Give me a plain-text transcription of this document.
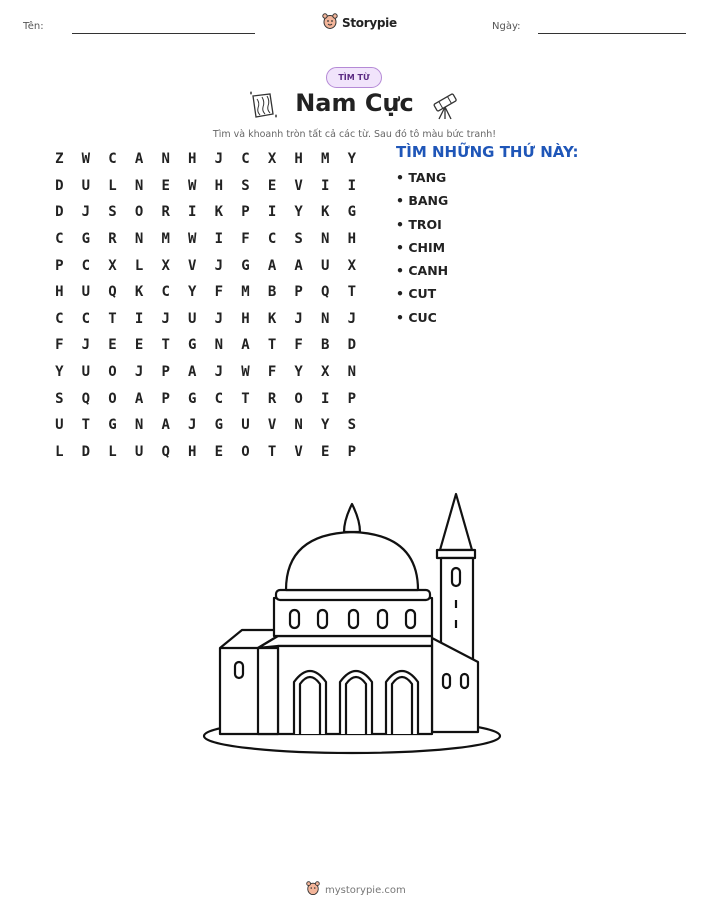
Tên:	Ngày:
Storypie
TÌM TỪ
Nam Cực
Tìm và khoanh tròn tất cả các từ. Sau đó tô màu bức tranh!
Z	W	C	A	N	H	J	C	X	H	M	Y
D	U	L	N	E	W	H	S	E	V	I	I
D	J	S	O	R	I	K	P	I	Y	K	G
C	G	R	N	M	W	I	F	C	S	N	H
P	C	X	L	X	V	J	G	A	A	U	X
H	U	Q	K	C	Y	F	M	B	P	Q	T
C	C	T	I	J	U	J	H	K	J	N	J
F	J	E	E	T	G	N	A	T	F	B	D
Y	U	O	J	P	A	J	W	F	Y	X	N
S	Q	O	A	P	G	C	T	R	O	I	P
U	T	G	N	A	J	G	U	V	N	Y	S
L	D	L	U	Q	H	E	O	T	V	E	P
TÌM NHỮNG THỨ NÀY:
• TANG
• BANG
• TROI
• CHIM
• CANH
• CUT
• CUC
mystorypie.com
